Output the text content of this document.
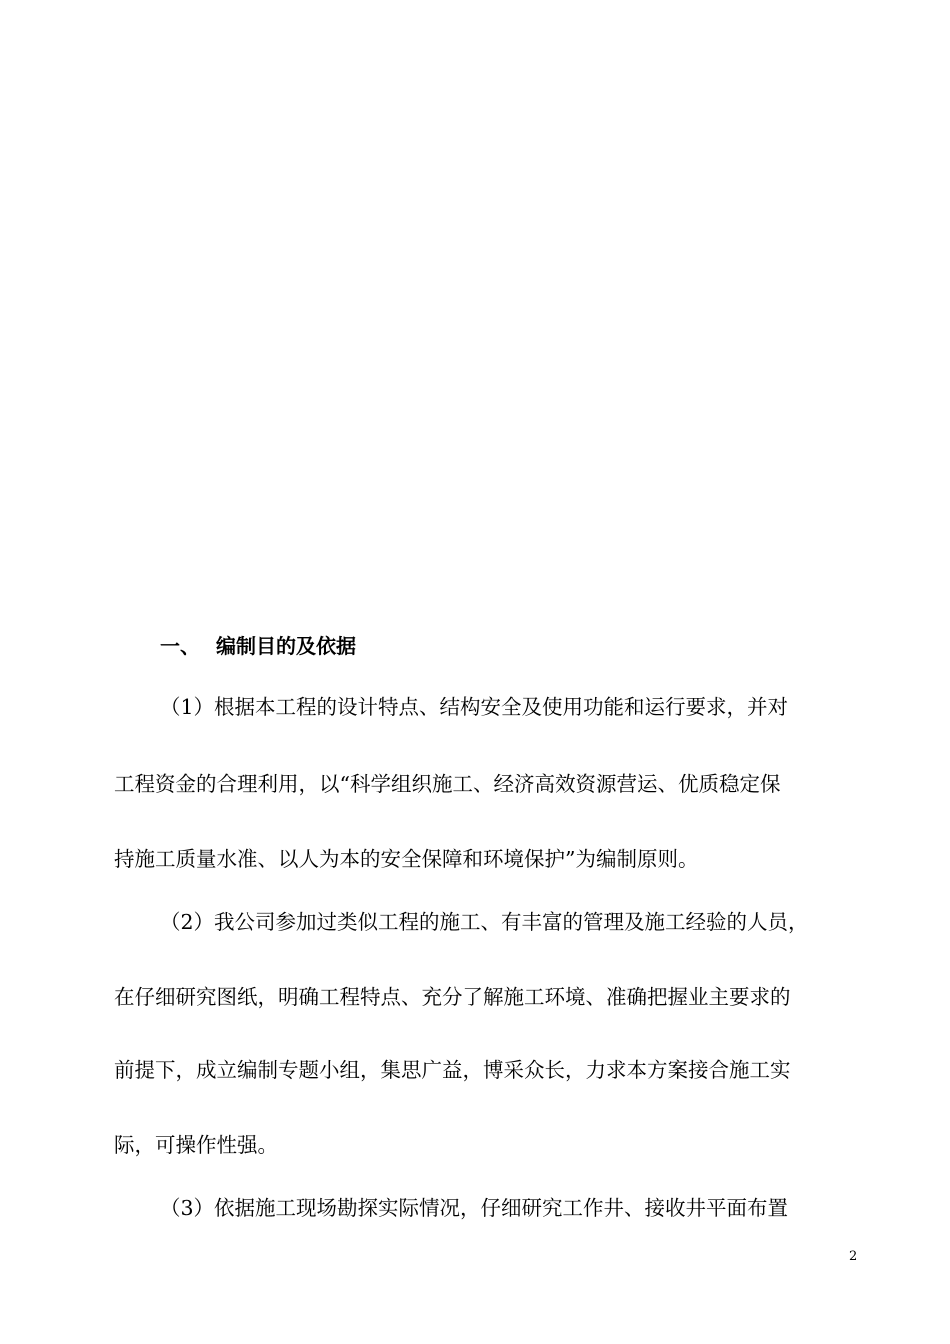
一、 编制目的及依据
（1）根据本工程的设计特点、结构安全及使用功能和运行要求，并对
工程资金的合理利用，以“科学组织施工、经济高效资源营运、优质稳定保
持施工质量水准、以人为本的安全保障和环境保护”为编制原则。
（2）我公司参加过类似工程的施工、有丰富的管理及施工经验的人员，
在仔细研究图纸，明确工程特点、充分了解施工环境、准确把握业主要求的
前提下，成立编制专题小组，集思广益，博采众长，力求本方案接合施工实
际，可操作性强。
（3）依据施工现场勘探实际情况，仔细研究工作井、接收井平面布置
2
